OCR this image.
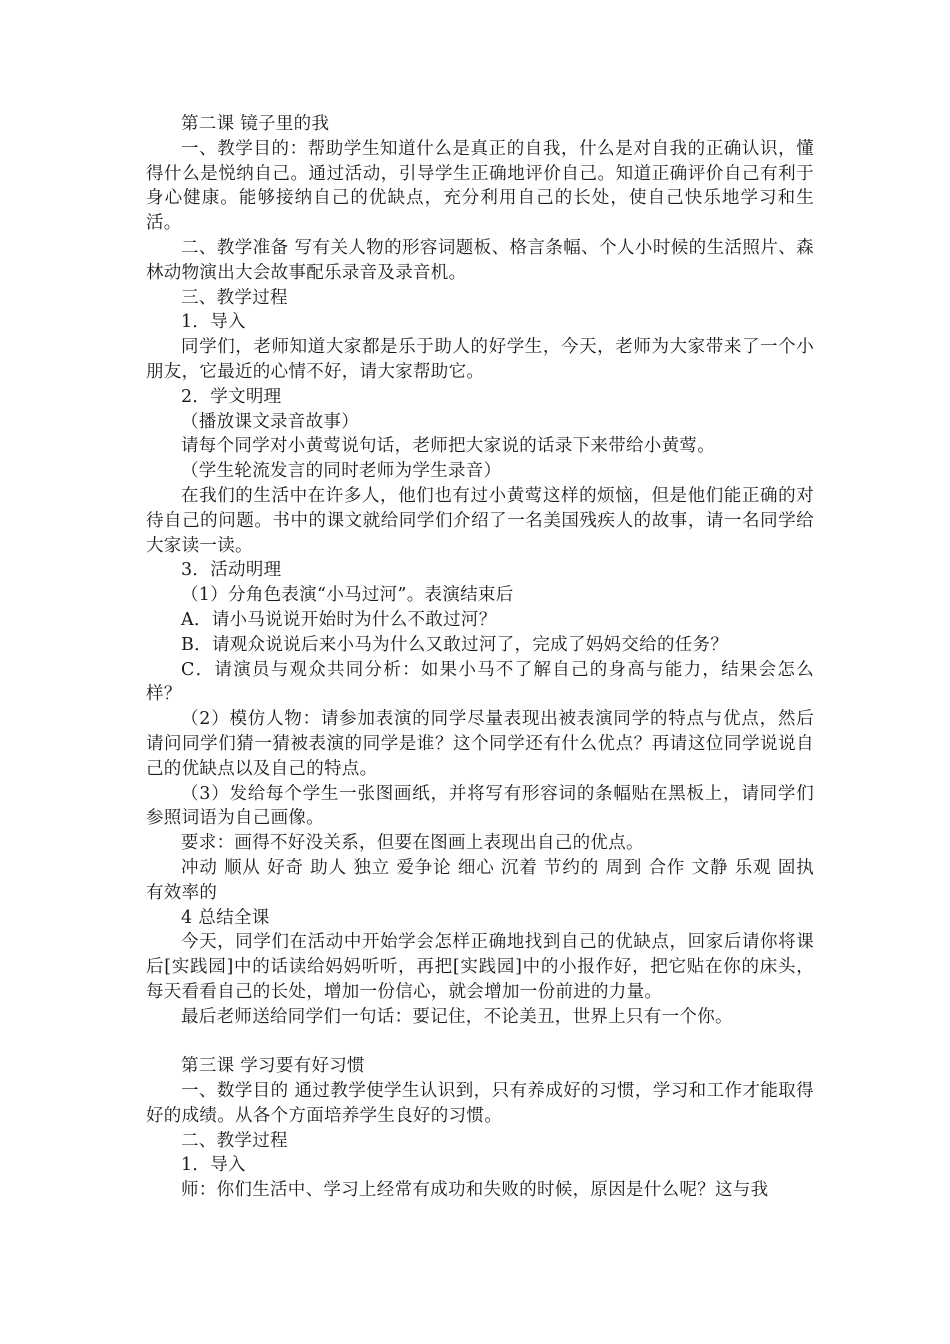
第二课 镜子里的我

一、教学目的：帮助学生知道什么是真正的自我，什么是对自我的正确认识，懂得什么是悦纳自己。通过活动，引导学生正确地评价自己。知道正确评价自己有利于身心健康。能够接纳自己的优缺点，充分利用自己的长处，使自己快乐地学习和生活。

二、教学准备 写有关人物的形容词题板、格言条幅、个人小时候的生活照片、森林动物演出大会故事配乐录音及录音机。

三、教学过程

1．导入

同学们，老师知道大家都是乐于助人的好学生，今天，老师为大家带来了一个小朋友，它最近的心情不好，请大家帮助它。

2．学文明理

（播放课文录音故事）

请每个同学对小黄莺说句话，老师把大家说的话录下来带给小黄莺。

（学生轮流发言的同时老师为学生录音）

在我们的生活中在许多人，他们也有过小黄莺这样的烦恼，但是他们能正确的对待自己的问题。书中的课文就给同学们介绍了一名美国残疾人的故事，请一名同学给大家读一读。

3．活动明理

（1）分角色表演“小马过河”。表演结束后

A．请小马说说开始时为什么不敢过河？

B．请观众说说后来小马为什么又敢过河了，完成了妈妈交给的任务？

C．请演员与观众共同分析：如果小马不了解自己的身高与能力，结果会怎么样？

（2）模仿人物：请参加表演的同学尽量表现出被表演同学的特点与优点，然后请问同学们猜一猜被表演的同学是谁？这个同学还有什么优点？再请这位同学说说自己的优缺点以及自己的特点。

（3）发给每个学生一张图画纸，并将写有形容词的条幅贴在黑板上，请同学们参照词语为自己画像。

要求：画得不好没关系，但要在图画上表现出自己的优点。

冲动 顺从 好奇 助人 独立 爱争论 细心 沉着 节约的 周到 合作 文静 乐观 固执 有效率的

4 总结全课

今天，同学们在活动中开始学会怎样正确地找到自己的优缺点，回家后请你将课后[实践园]中的话读给妈妈听听，再把[实践园]中的小报作好，把它贴在你的床头，每天看看自己的长处，增加一份信心，就会增加一份前进的力量。

最后老师送给同学们一句话：要记住，不论美丑，世界上只有一个你。

第三课 学习要有好习惯

一、数学目的 通过教学使学生认识到，只有养成好的习惯，学习和工作才能取得好的成绩。从各个方面培养学生良好的习惯。

二、教学过程

1．导入

师：你们生活中、学习上经常有成功和失败的时候，原因是什么呢？这与我
